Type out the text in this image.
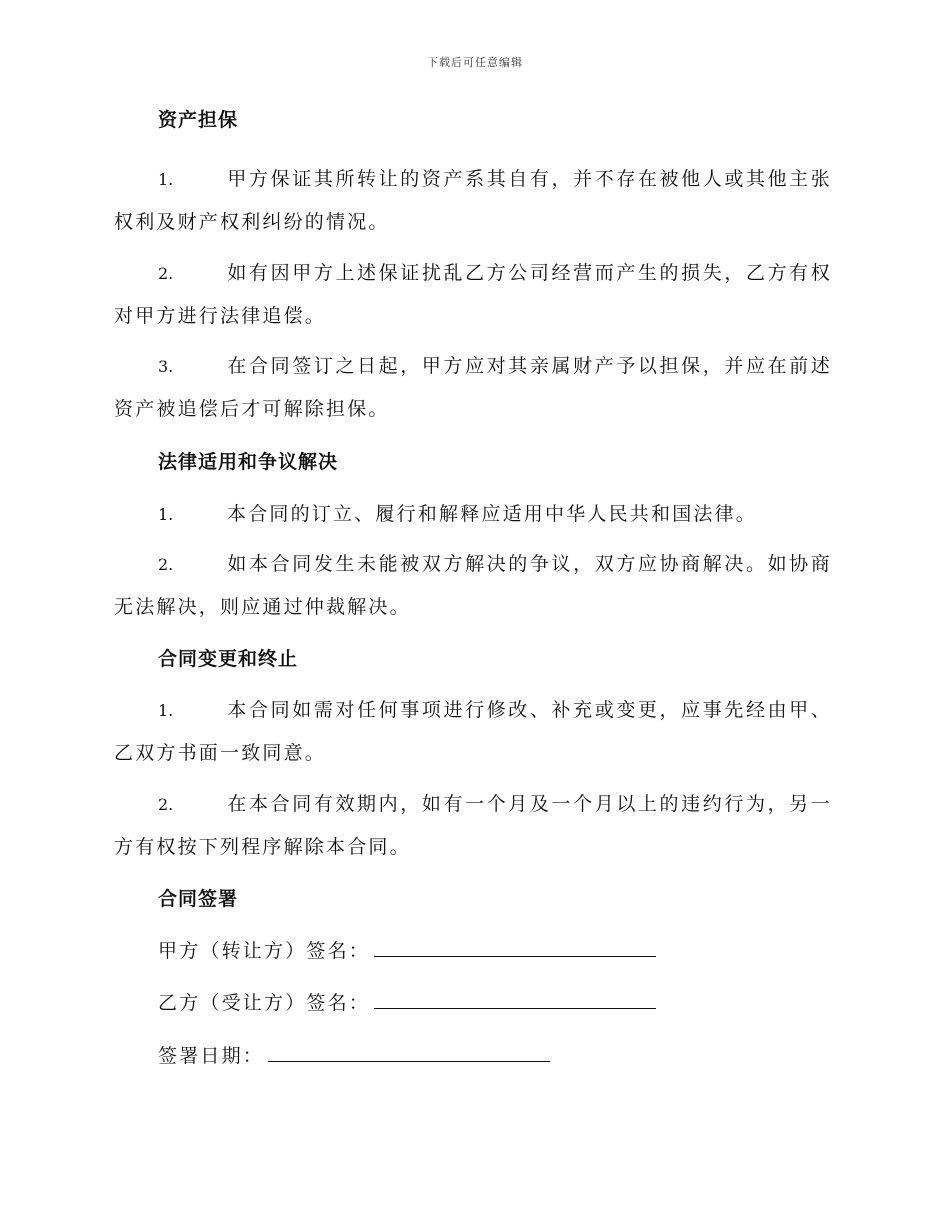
下载后可任意编辑

资产担保

1.	甲方保证其所转让的资产系其自有，并不存在被他人或其他主张权利及财产权利纠纷的情况。

2.	如有因甲方上述保证扰乱乙方公司经营而产生的损失，乙方有权对甲方进行法律追偿。

3.	在合同签订之日起，甲方应对其亲属财产予以担保，并应在前述资产被追偿后才可解除担保。

法律适用和争议解决

1.	本合同的订立、履行和解释应适用中华人民共和国法律。

2.	如本合同发生未能被双方解决的争议，双方应协商解决。如协商无法解决，则应通过仲裁解决。

合同变更和终止

1.	本合同如需对任何事项进行修改、补充或变更，应事先经由甲、乙双方书面一致同意。

2.	在本合同有效期内，如有一个月及一个月以上的违约行为，另一方有权按下列程序解除本合同。

合同签署

甲方（转让方）签名：

乙方（受让方）签名：

签署日期：
